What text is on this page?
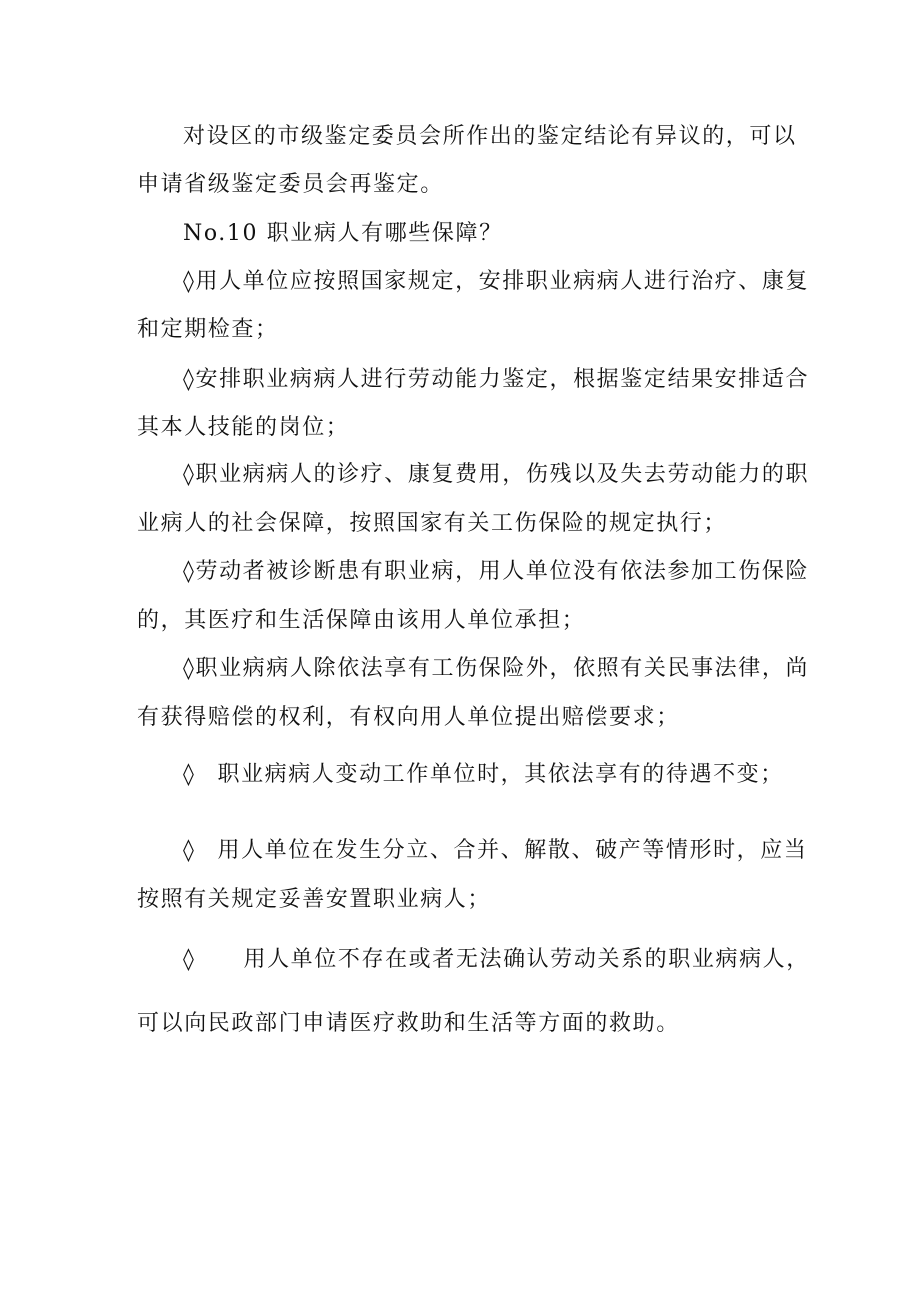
对设区的市级鉴定委员会所作出的鉴定结论有异议的，可以
申请省级鉴定委员会再鉴定。
No.10 职业病人有哪些保障？
◊用人单位应按照国家规定，安排职业病病人进行治疗、康复
和定期检查；
◊安排职业病病人进行劳动能力鉴定，根据鉴定结果安排适合
其本人技能的岗位；
◊职业病病人的诊疗、康复费用，伤残以及失去劳动能力的职
业病人的社会保障，按照国家有关工伤保险的规定执行；
◊劳动者被诊断患有职业病，用人单位没有依法参加工伤保险
的，其医疗和生活保障由该用人单位承担；
◊职业病病人除依法享有工伤保险外，依照有关民事法律，尚
有获得赔偿的权利，有权向用人单位提出赔偿要求；
◊ 职业病病人变动工作单位时，其依法享有的待遇不变；
◊ 用人单位在发生分立、合并、解散、破产等情形时，应当
按照有关规定妥善安置职业病人；
◊ 用人单位不存在或者无法确认劳动关系的职业病病人，
可以向民政部门申请医疗救助和生活等方面的救助。
